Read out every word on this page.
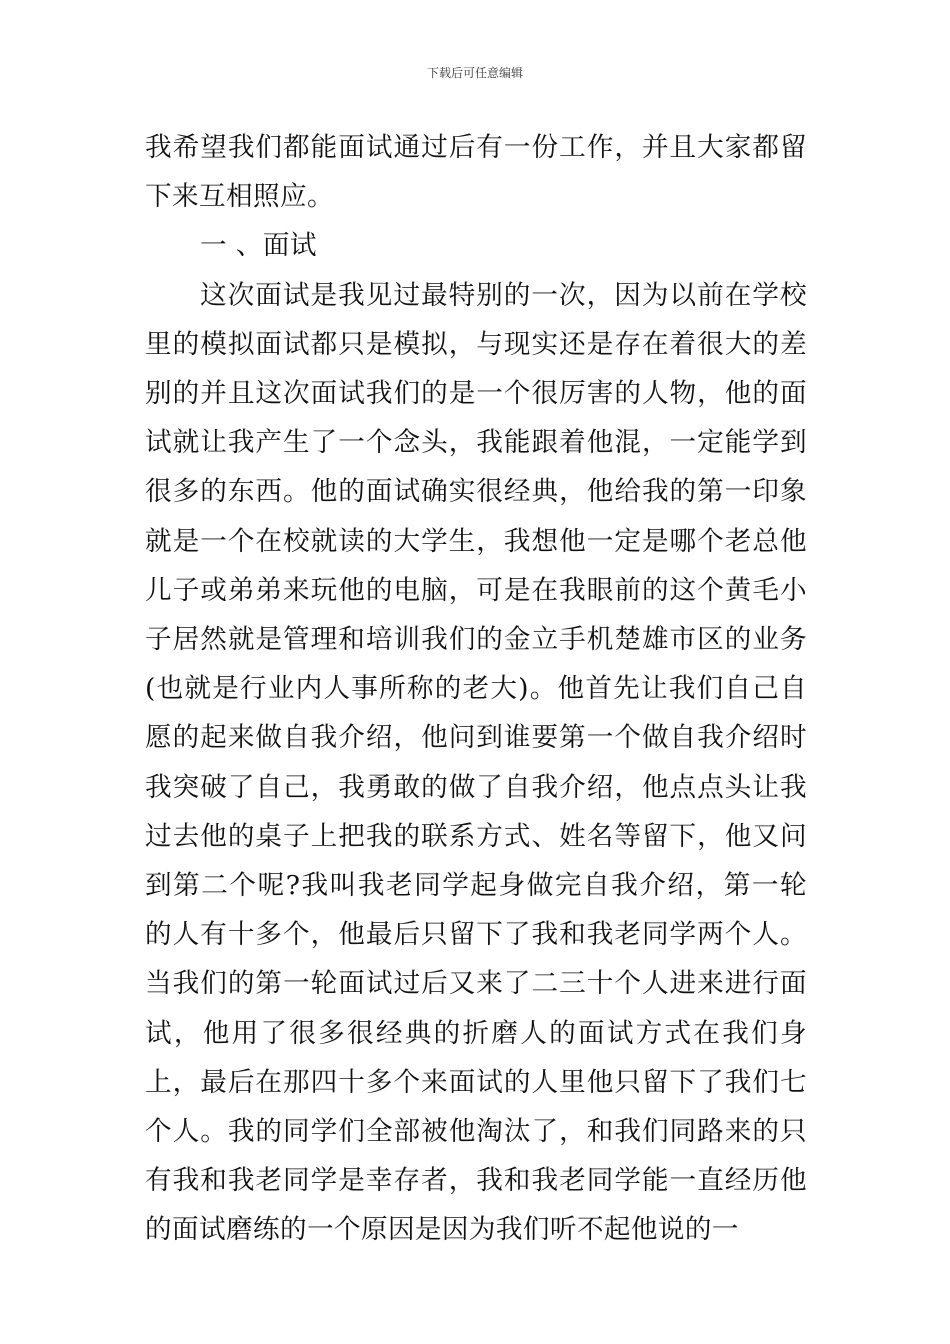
下载后可任意编辑

我希望我们都能面试通过后有一份工作，并且大家都留下来互相照应。

一 、面试

这次面试是我见过最特别的一次，因为以前在学校里的模拟面试都只是模拟，与现实还是存在着很大的差别的并且这次面试我们的是一个很厉害的人物，他的面试就让我产生了一个念头，我能跟着他混，一定能学到很多的东西。他的面试确实很经典，他给我的第一印象就是一个在校就读的大学生，我想他一定是哪个老总他儿子或弟弟来玩他的电脑，可是在我眼前的这个黄毛小子居然就是管理和培训我们的金立手机楚雄市区的业务(也就是行业内人事所称的老大)。他首先让我们自己自愿的起来做自我介绍，他问到谁要第一个做自我介绍时我突破了自己，我勇敢的做了自我介绍，他点点头让我过去他的桌子上把我的联系方式、姓名等留下，他又问到第二个呢?我叫我老同学起身做完自我介绍，第一轮的人有十多个，他最后只留下了我和我老同学两个人。当我们的第一轮面试过后又来了二三十个人进来进行面试，他用了很多很经典的折磨人的面试方式在我们身上，最后在那四十多个来面试的人里他只留下了我们七个人。我的同学们全部被他淘汰了，和我们同路来的只有我和我老同学是幸存者，我和我老同学能一直经历他的面试磨练的一个原因是因为我们听不起他说的一
